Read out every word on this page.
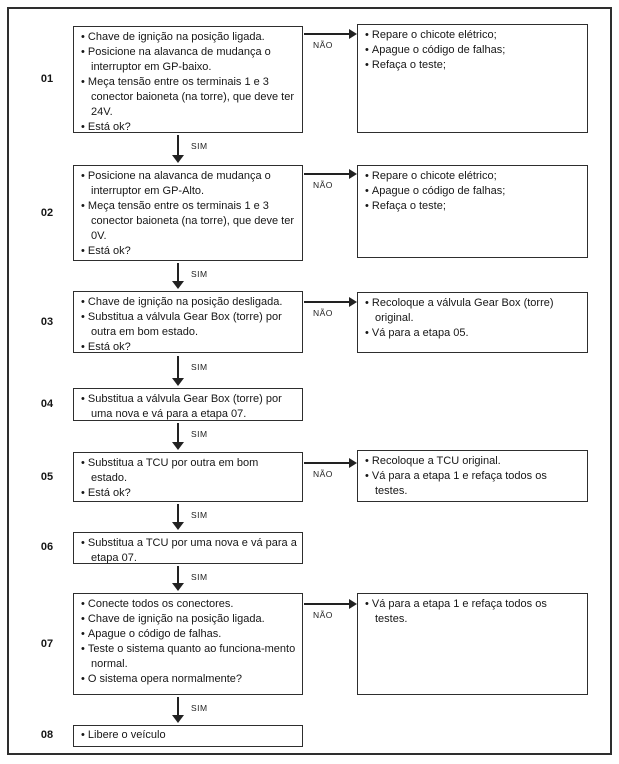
01
• Chave de ignição na posição ligada.
• Posicione na alavanca de mudança o interruptor em GP-baixo.
• Meça tensão entre os terminais 1 e 3 conector baioneta (na torre), que deve ter 24V.
• Está ok?
NÃO
• Repare o chicote elétrico;
• Apague o código de falhas;
• Refaça o teste;
SIM
02
• Posicione na alavanca de mudança o interruptor em GP-Alto.
• Meça tensão entre os terminais 1 e 3 conector baioneta (na torre), que deve ter 0V.
• Está ok?
NÃO
• Repare o chicote elétrico;
• Apague o código de falhas;
• Refaça o teste;
SIM
03
• Chave de ignição na posição desligada.
• Substitua a válvula Gear Box (torre) por outra em bom estado.
• Está ok?
NÃO
• Recoloque a válvula Gear Box (torre) original.
• Vá para a etapa 05.
SIM
04	• Substitua a válvula Gear Box (torre) por uma nova e vá para a etapa 07.
SIM
05
• Substitua a TCU por outra em bom estado.
• Está ok?
NÃO
• Recoloque a TCU original.
• Vá para a etapa 1 e refaça todos os testes.
SIM
06	• Substitua a TCU por uma nova e vá para a etapa 07.
SIM
07
• Conecte todos os conectores.
• Chave de ignição na posição ligada.
• Apague o código de falhas.
• Teste o sistema quanto ao funciona-mento normal.
• O sistema opera normalmente?
NÃO
• Vá para a etapa 1 e refaça todos os testes.
SIM
08	• Libere o veículo
